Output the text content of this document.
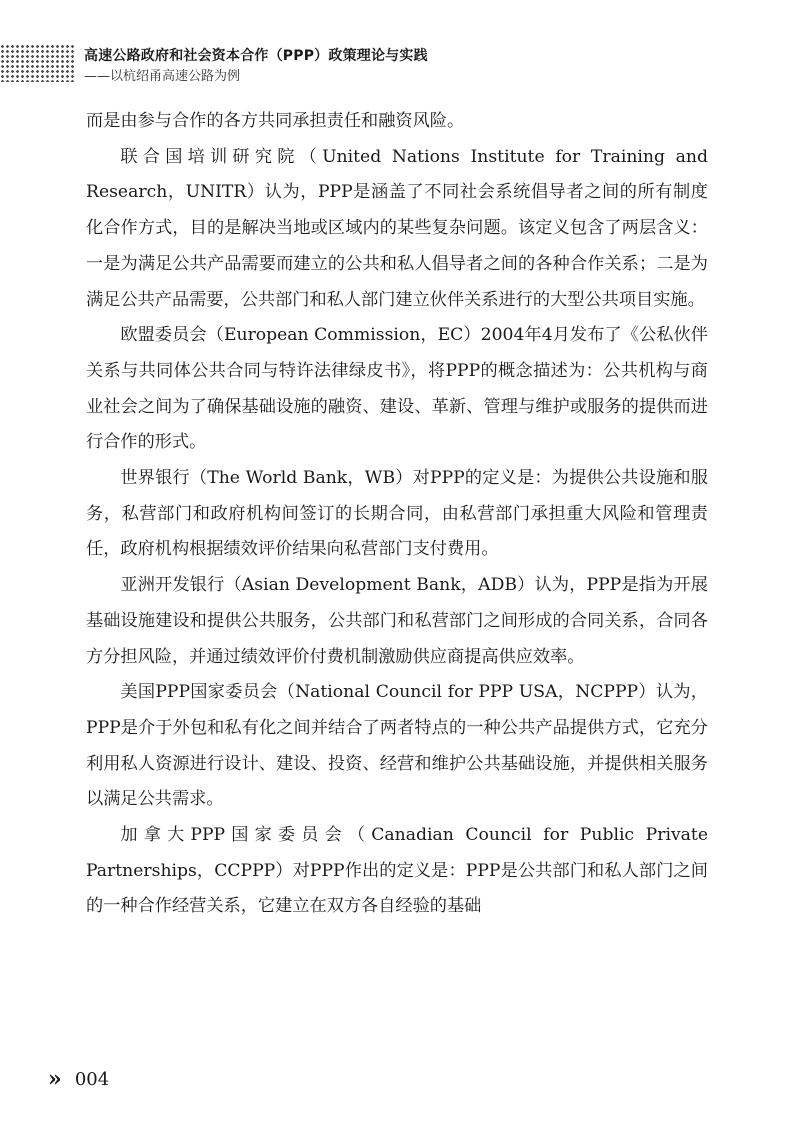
高速公路政府和社会资本合作（PPP）政策理论与实践
——以杭绍甬高速公路为例

而是由参与合作的各方共同承担责任和融资风险。

联合国培训研究院（United Nations Institute for Training and Research，UNITR）认为，PPP是涵盖了不同社会系统倡导者之间的所有制度化合作方式，目的是解决当地或区域内的某些复杂问题。该定义包含了两层含义：一是为满足公共产品需要而建立的公共和私人倡导者之间的各种合作关系；二是为满足公共产品需要，公共部门和私人部门建立伙伴关系进行的大型公共项目实施。

欧盟委员会（European Commission，EC）2004年4月发布了《公私伙伴关系与共同体公共合同与特许法律绿皮书》，将PPP的概念描述为：公共机构与商业社会之间为了确保基础设施的融资、建设、革新、管理与维护或服务的提供而进行合作的形式。

世界银行（The World Bank，WB）对PPP的定义是：为提供公共设施和服务，私营部门和政府机构间签订的长期合同，由私营部门承担重大风险和管理责任，政府机构根据绩效评价结果向私营部门支付费用。

亚洲开发银行（Asian Development Bank，ADB）认为，PPP是指为开展基础设施建设和提供公共服务，公共部门和私营部门之间形成的合同关系，合同各方分担风险，并通过绩效评价付费机制激励供应商提高供应效率。

美国PPP国家委员会（National Council for PPP USA，NCPPP）认为，PPP是介于外包和私有化之间并结合了两者特点的一种公共产品提供方式，它充分利用私人资源进行设计、建设、投资、经营和维护公共基础设施，并提供相关服务以满足公共需求。

加拿大PPP国家委员会（Canadian Council for Public Private Partnerships，CCPPP）对PPP作出的定义是：PPP是公共部门和私人部门之间的一种合作经营关系，它建立在双方各自经验的基础

» 004
